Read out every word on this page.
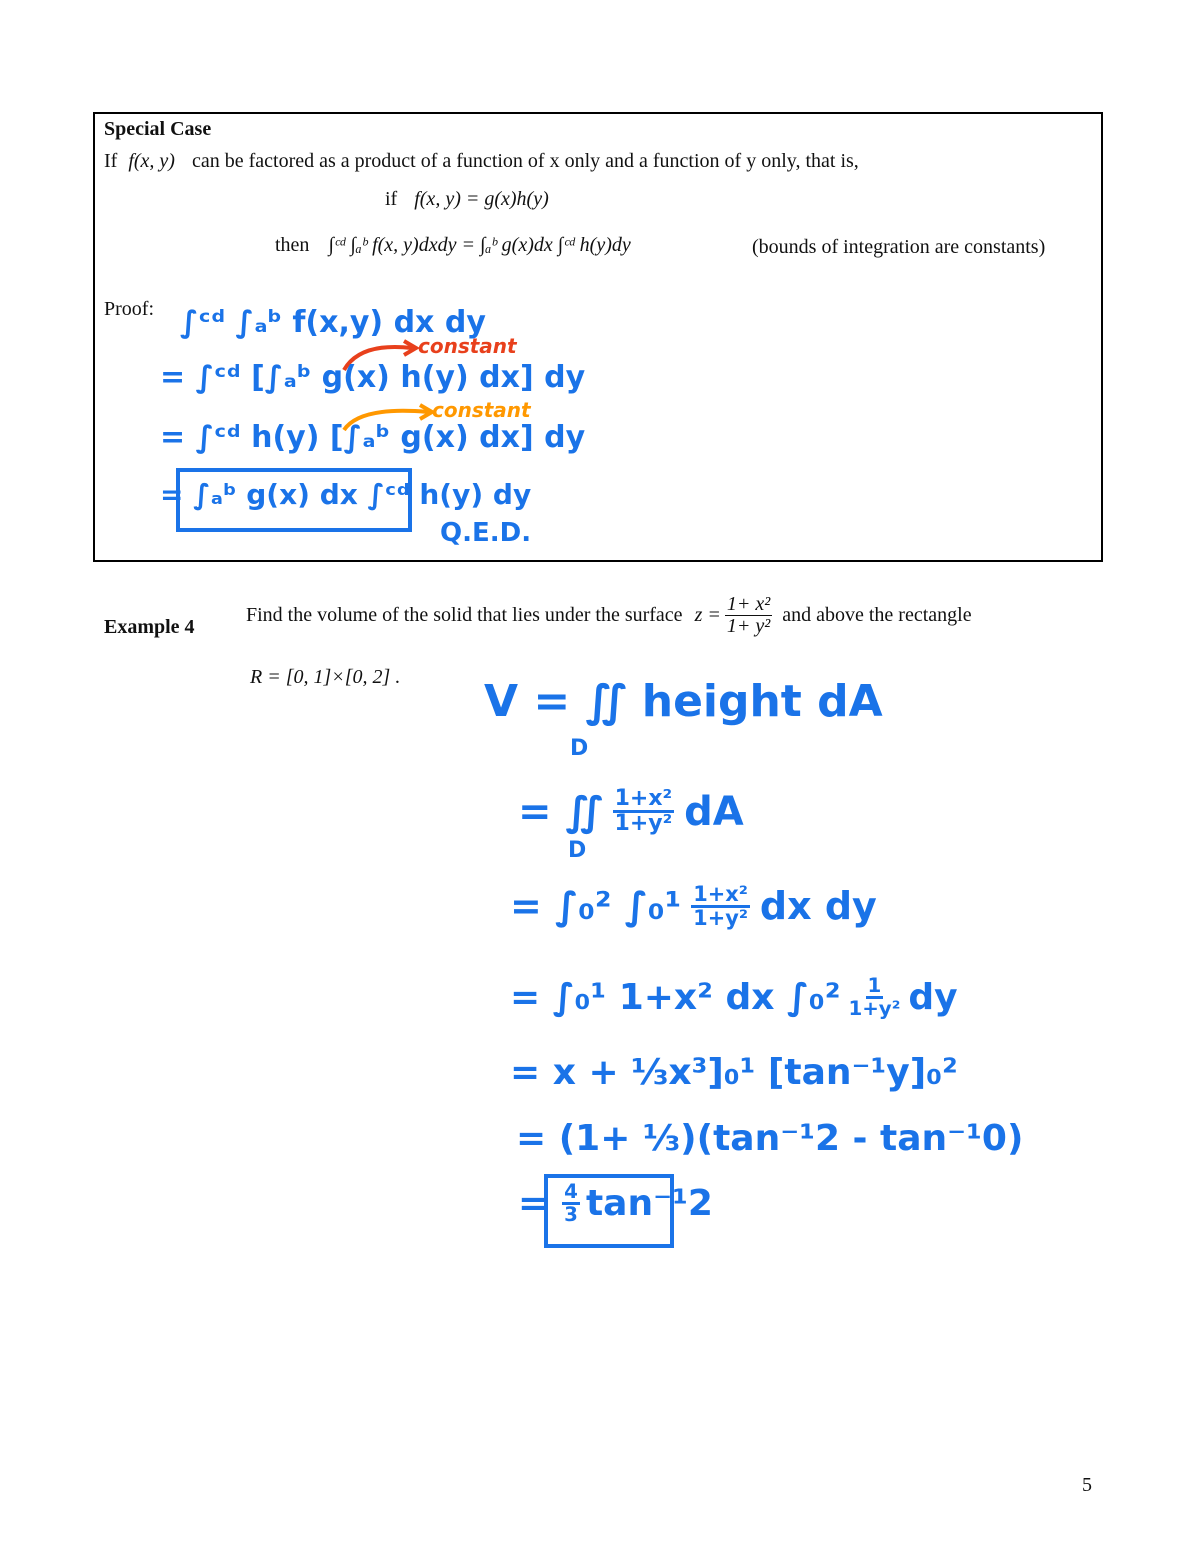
Special Case
If f(x, y) can be factored as a product of a function of x only and a function of y only, that is,
if f(x, y) = g(x)h(y)
then ∫ᶜᵈ ∫ₐᵇ f(x, y)dxdy = ∫ₐᵇ g(x)dx ∫ᶜᵈ h(y)dy	(bounds of integration are constants)
Proof: ∫ᶜᵈ ∫ₐᵇ f(x,y) dx dy
constant
= ∫ᶜᵈ [∫ₐᵇ g(x) h(y) dx] dy
constant
= ∫ᶜᵈ h(y) [∫ₐᵇ g(x) dx] dy
= ∫ₐᵇ g(x) dx ∫ᶜᵈ h(y) dy
Q.E.D.
Example 4
Find the volume of the solid that lies under the surface $z = \frac{\text{1+ x²}}{\text{1+ y²}}$ and above the rectangle
R = [0, 1]×[0, 2] . V = ∬ height dA
D
= ∬ $\frac{\text{1+x²}}{\text{1+y²}}$ dA
D
= ∫₀² $\int_0^1 \frac{\text{1+x²}}{\text{1+y²}}$ dx dy
= ∫₀¹ 1+x² dx $\int_0^2 \frac{1}{\text{1+y²}}$ dy
= x + ⅓x³]₀¹ [tan⁻¹y]₀²
= (1+ ⅓)(tan⁻¹2 - tan⁻¹0)
= $\frac{4}{3} \tan^{-1}2$
5
